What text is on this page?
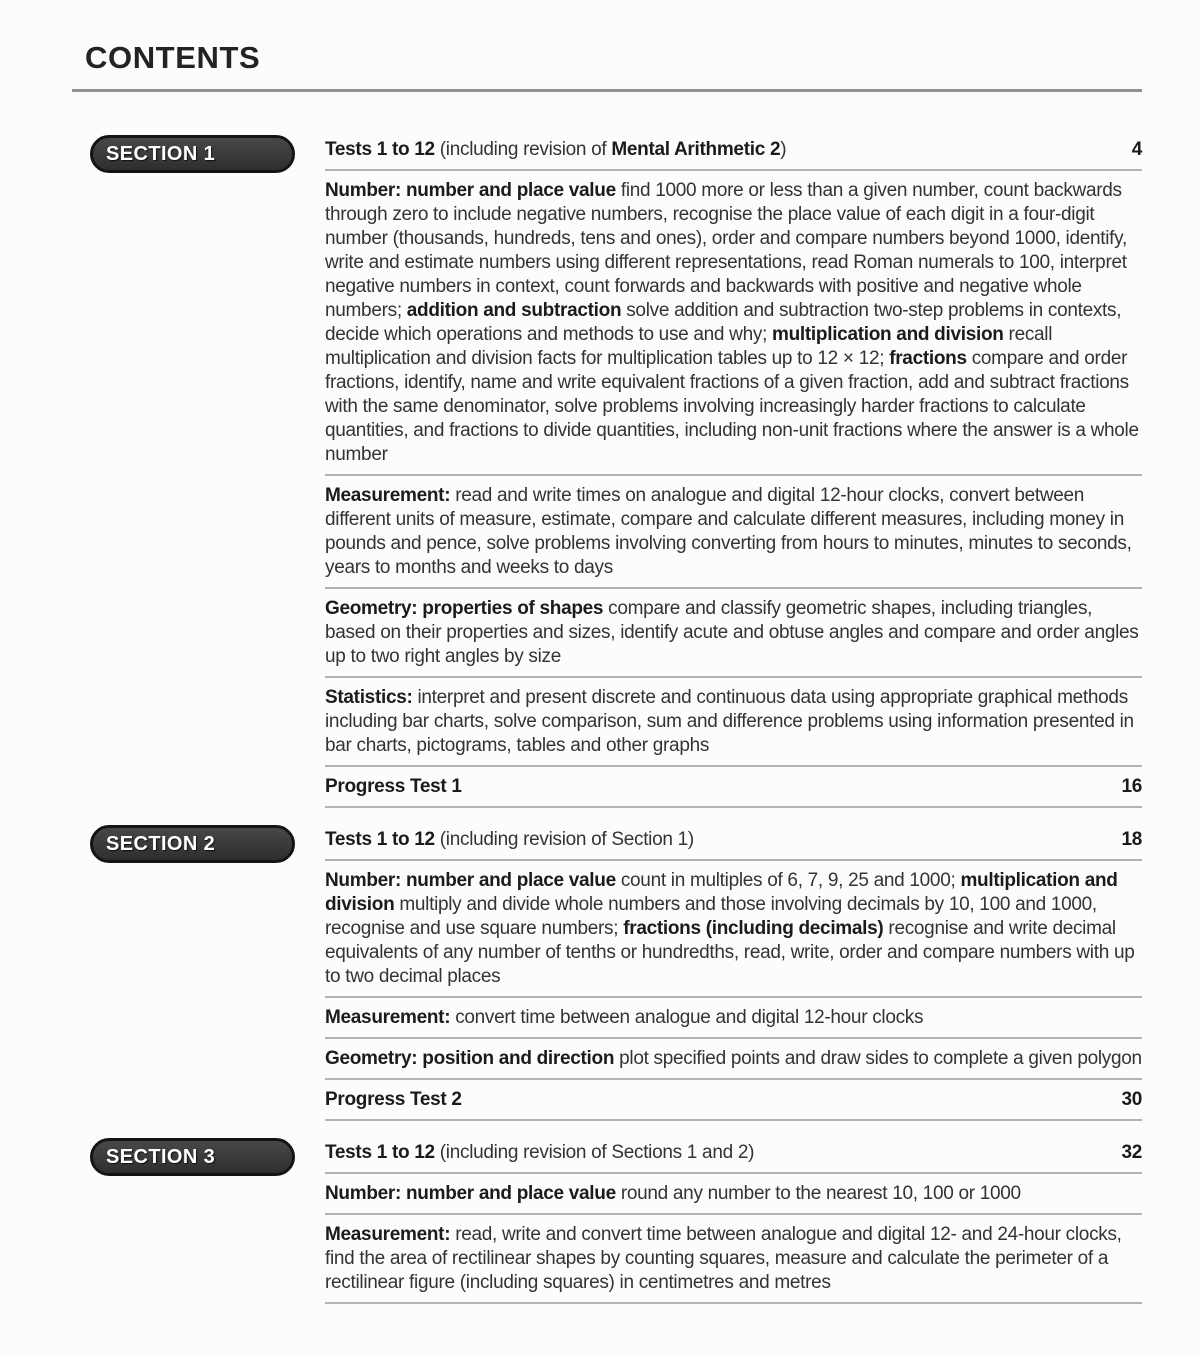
CONTENTS
SECTION 1	Tests 1 to 12 (including revision of Mental Arithmetic 2)	4
Number: number and place value find 1000 more or less than a given number, count backwards through zero to include negative numbers, recognise the place value of each digit in a four-digit number (thousands, hundreds, tens and ones), order and compare numbers beyond 1000, identify, write and estimate numbers using different representations, read Roman numerals to 100, interpret negative numbers in context, count forwards and backwards with positive and negative whole numbers; addition and subtraction solve addition and subtraction two-step problems in contexts, decide which operations and methods to use and why; multiplication and division recall multiplication and division facts for multiplication tables up to 12 × 12; fractions compare and order fractions, identify, name and write equivalent fractions of a given fraction, add and subtract fractions with the same denominator, solve problems involving increasingly harder fractions to calculate quantities, and fractions to divide quantities, including non-unit fractions where the answer is a whole number
Measurement: read and write times on analogue and digital 12-hour clocks, convert between different units of measure, estimate, compare and calculate different measures, including money in pounds and pence, solve problems involving converting from hours to minutes, minutes to seconds, years to months and weeks to days
Geometry: properties of shapes compare and classify geometric shapes, including triangles, based on their properties and sizes, identify acute and obtuse angles and compare and order angles up to two right angles by size
Statistics: interpret and present discrete and continuous data using appropriate graphical methods including bar charts, solve comparison, sum and difference problems using information presented in bar charts, pictograms, tables and other graphs
Progress Test 1	16
SECTION 2	Tests 1 to 12 (including revision of Section 1)	18
Number: number and place value count in multiples of 6, 7, 9, 25 and 1000; multiplication and division multiply and divide whole numbers and those involving decimals by 10, 100 and 1000, recognise and use square numbers; fractions (including decimals) recognise and write decimal equivalents of any number of tenths or hundredths, read, write, order and compare numbers with up to two decimal places
Measurement: convert time between analogue and digital 12-hour clocks
Geometry: position and direction plot specified points and draw sides to complete a given polygon
Progress Test 2	30
SECTION 3	Tests 1 to 12 (including revision of Sections 1 and 2)	32
Number: number and place value round any number to the nearest 10, 100 or 1000
Measurement: read, write and convert time between analogue and digital 12- and 24-hour clocks, find the area of rectilinear shapes by counting squares, measure and calculate the perimeter of a rectilinear figure (including squares) in centimetres and metres
